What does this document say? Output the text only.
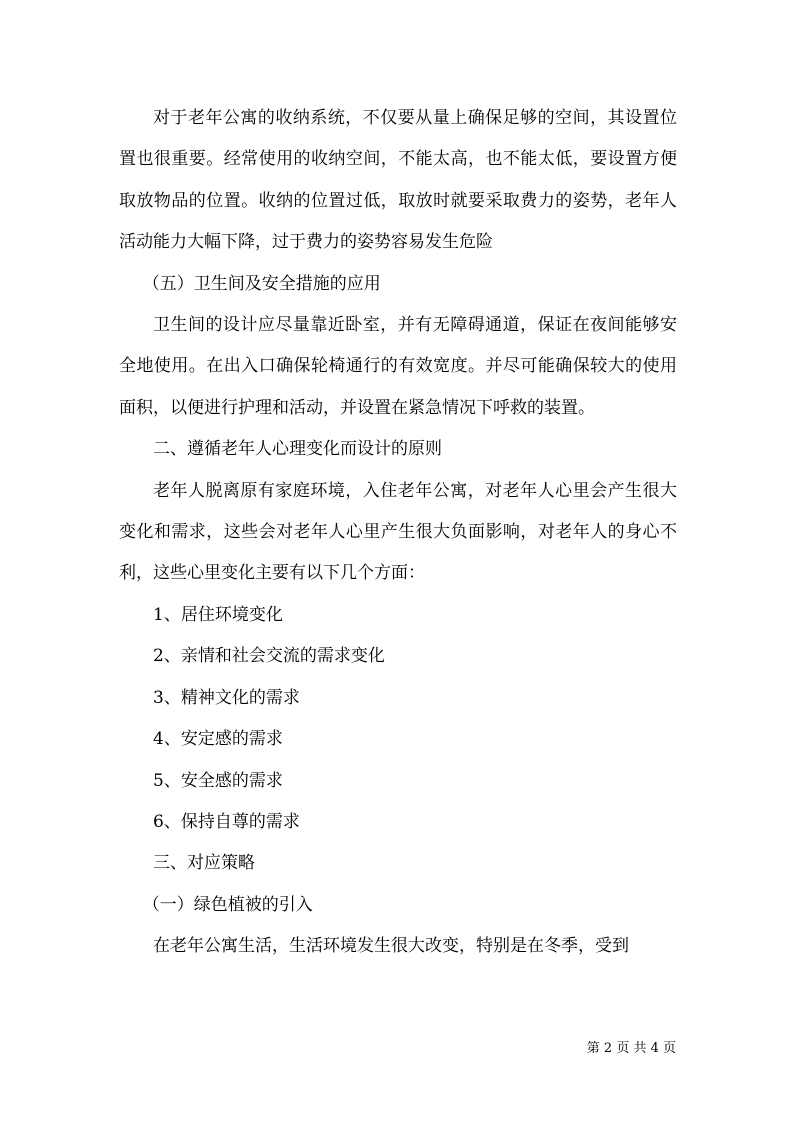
对于老年公寓的收纳系统，不仅要从量上确保足够的空间，其设置位置也很重要。经常使用的收纳空间，不能太高，也不能太低，要设置方便取放物品的位置。收纳的位置过低，取放时就要采取费力的姿势，老年人活动能力大幅下降，过于费力的姿势容易发生危险

（五）卫生间及安全措施的应用

卫生间的设计应尽量靠近卧室，并有无障碍通道，保证在夜间能够安全地使用。在出入口确保轮椅通行的有效宽度。并尽可能确保较大的使用面积，以便进行护理和活动，并设置在紧急情况下呼救的装置。

二、遵循老年人心理变化而设计的原则

老年人脱离原有家庭环境，入住老年公寓，对老年人心里会产生很大变化和需求，这些会对老年人心里产生很大负面影响，对老年人的身心不利，这些心里变化主要有以下几个方面：

1、居住环境变化

2、亲情和社会交流的需求变化

3、精神文化的需求

4、安定感的需求

5、安全感的需求

6、保持自尊的需求

三、对应策略

（一）绿色植被的引入

在老年公寓生活，生活环境发生很大改变，特别是在冬季，受到

第 2 页 共 4 页
